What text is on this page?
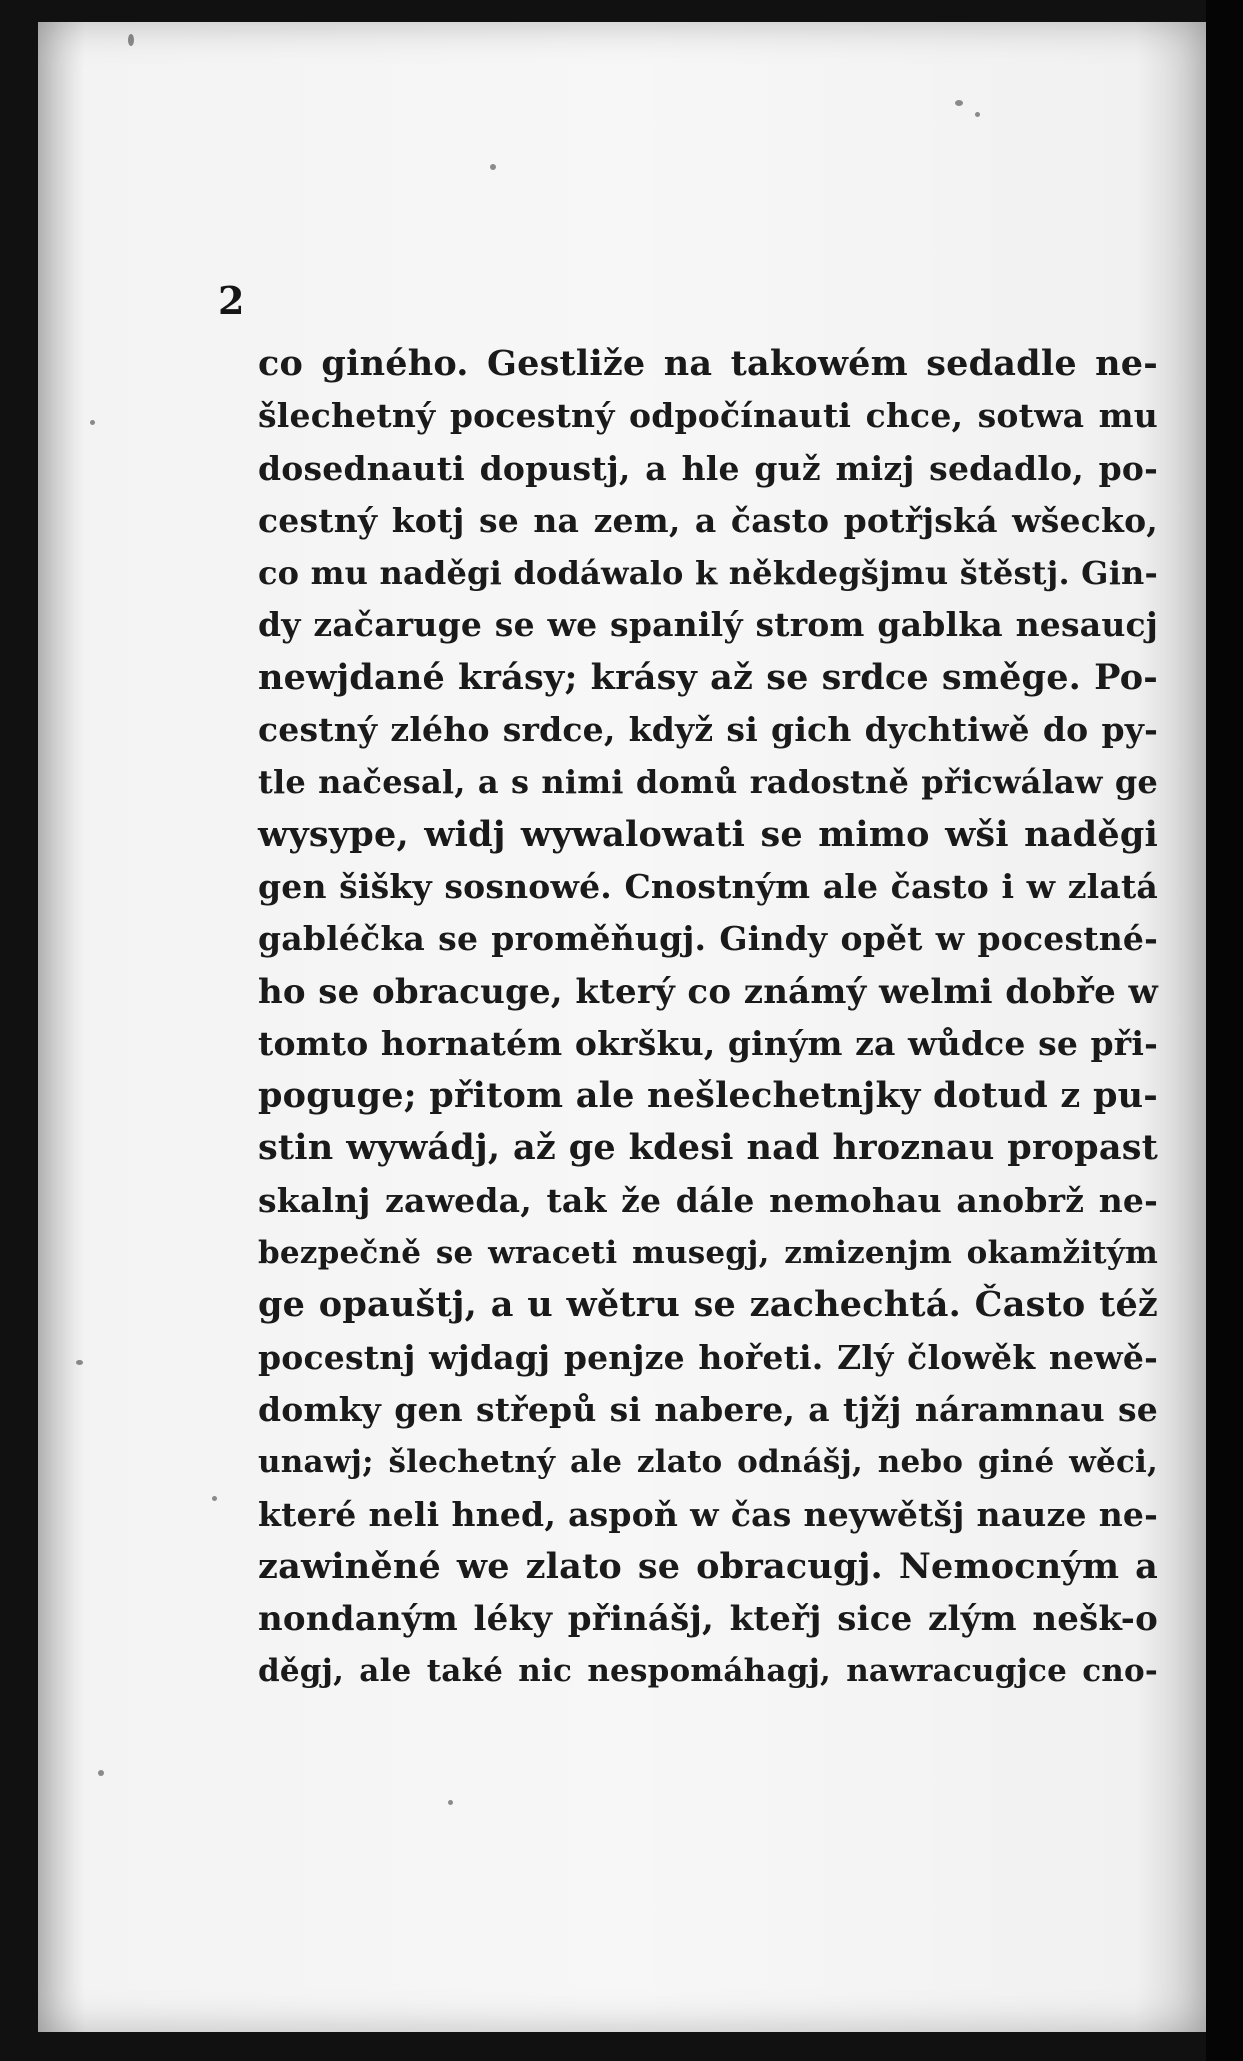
2
co giného. Gestliže na takowém sedadle ne-
šlechetný pocestný odpočínauti chce, sotwa mu
dosednauti dopustj, a hle guž mizj sedadlo, po-
cestný kotj se na zem, a často potřjská wšecko,
co mu naděgi dodáwalo k někdegšjmu štěstj. Gin-
dy začaruge se we spanilý strom gablka nesaucj
newjdané krásy; krásy až se srdce směge. Po-
cestný zlého srdce, když si gich dychtiwě do py-
tle načesal, a s nimi domů radostně přicwálaw ge
wysype, widj wywalowati se mimo wši naděgi
gen šišky sosnowé. Cnostným ale často i w zlatá
gabléčka se proměňugj. Gindy opět w pocestné-
ho se obracuge, který co známý welmi dobře w
tomto hornatém okršku, giným za wůdce se při-
poguge; přitom ale nešlechetnjky dotud z pu-
stin wywádj, až ge kdesi nad hroznau propast
skalnj zaweda, tak že dále nemohau anobrž ne-
bezpečně se wraceti musegj, zmizenjm okamžitým
ge opauštj, a u wětru se zachechtá. Často též
pocestnj wjdagj penjze hořeti. Zlý člowěk newě-
domky gen střepů si nabere, a tjžj náramnau se
unawj; šlechetný ale zlato odnášj, nebo giné wěci,
které neli hned, aspoň w čas neywětšj nauze ne-
zawiněné we zlato se obracugj. Nemocným a
nondaným léky přinášj, kteřj sice zlým nešk-o
děgj, ale také nic nespomáhagj, nawracugjce cno-
